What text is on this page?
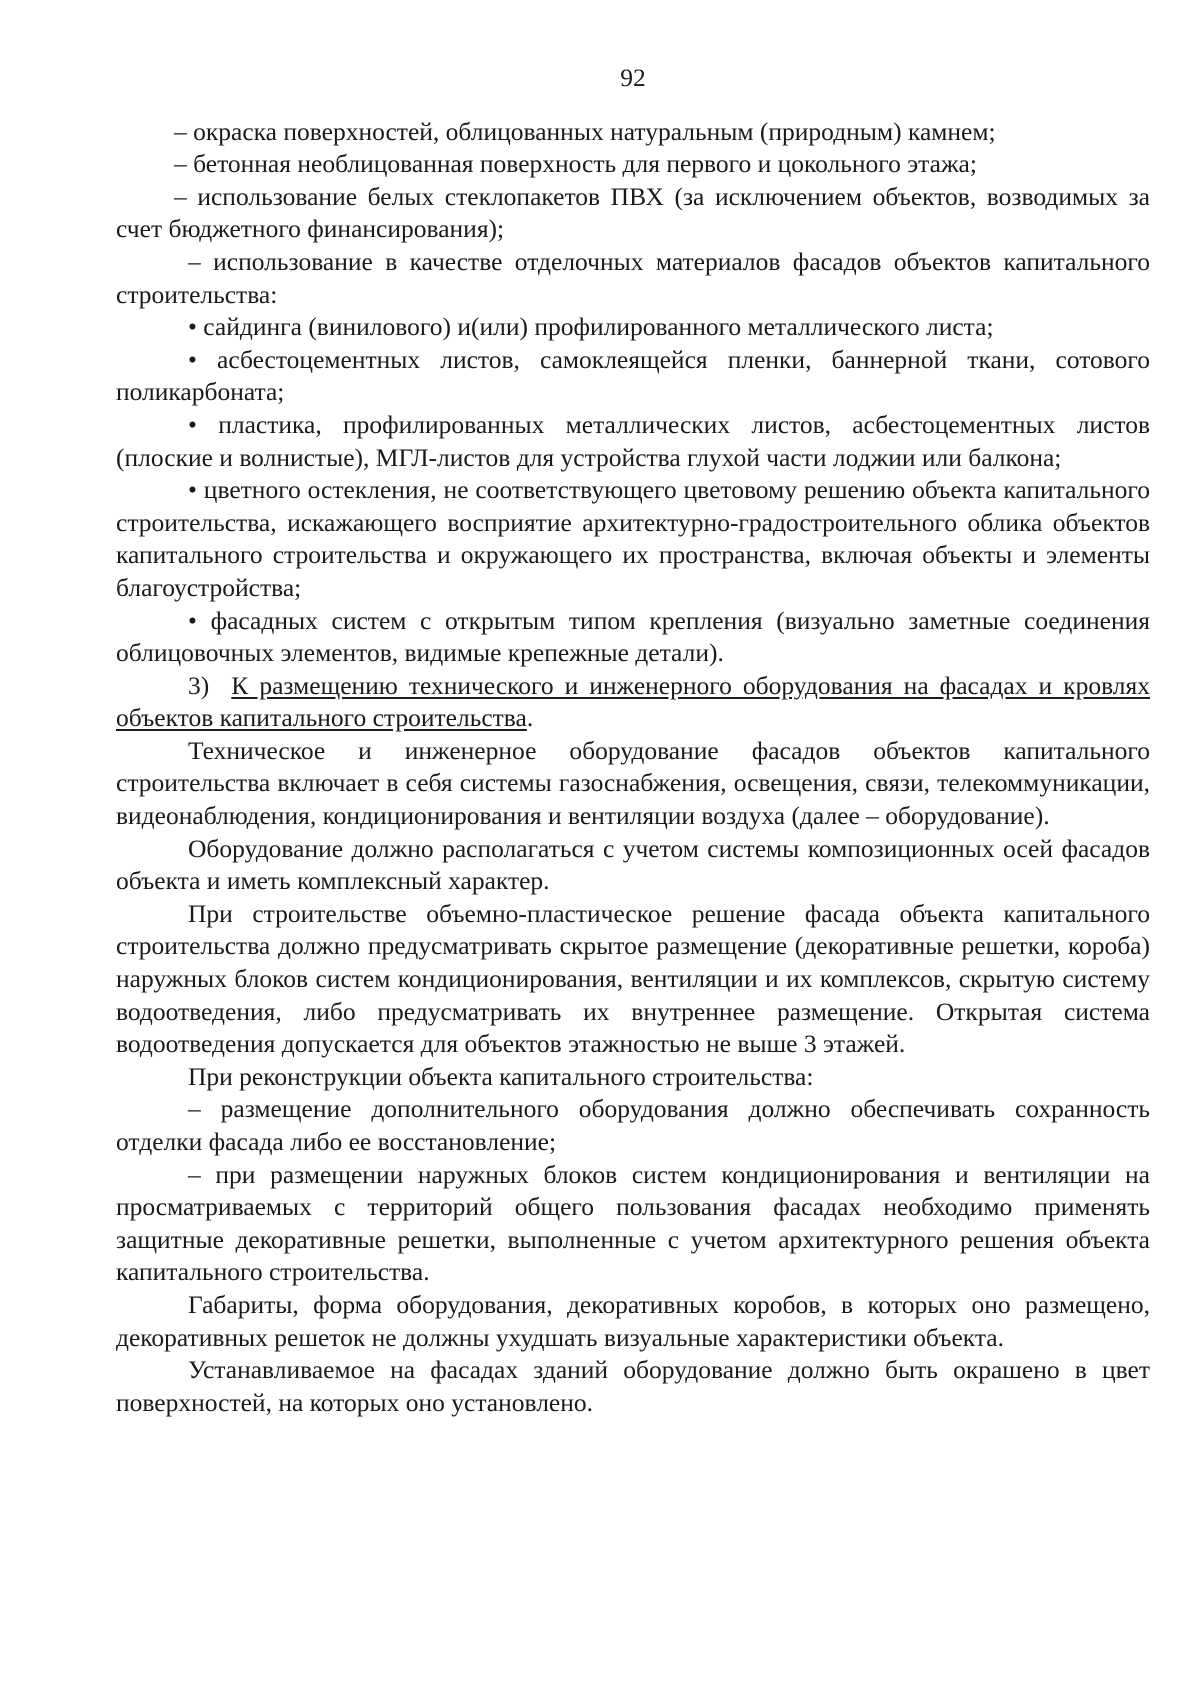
92

– окраска поверхностей, облицованных натуральным (природным) камнем;

– бетонная необлицованная поверхность для первого и цокольного этажа;

– использование белых стеклопакетов ПВХ (за исключением объектов, возводимых за счет бюджетного финансирования);

– использование в качестве отделочных материалов фасадов объектов капитального строительства:

• сайдинга (винилового) и(или) профилированного металлического листа;

• асбестоцементных листов, самоклеящейся пленки, баннерной ткани, сотового поликарбоната;

• пластика, профилированных металлических листов, асбестоцементных листов (плоские и волнистые), МГЛ-листов для устройства глухой части лоджии или балкона;

• цветного остекления, не соответствующего цветовому решению объекта капитального строительства, искажающего восприятие архитектурно-градостроительного облика объектов капитального строительства и окружающего их пространства, включая объекты и элементы благоустройства;

• фасадных систем с открытым типом крепления (визуально заметные соединения облицовочных элементов, видимые крепежные детали).

3) К размещению технического и инженерного оборудования на фасадах и кровлях объектов капитального строительства.

Техническое и инженерное оборудование фасадов объектов капитального строительства включает в себя системы газоснабжения, освещения, связи, телекоммуникации, видеонаблюдения, кондиционирования и вентиляции воздуха (далее – оборудование).

Оборудование должно располагаться с учетом системы композиционных осей фасадов объекта и иметь комплексный характер.

При строительстве объемно-пластическое решение фасада объекта капитального строительства должно предусматривать скрытое размещение (декоративные решетки, короба) наружных блоков систем кондиционирования, вентиляции и их комплексов, скрытую систему водоотведения, либо предусматривать их внутреннее размещение. Открытая система водоотведения допускается для объектов этажностью не выше 3 этажей.

При реконструкции объекта капитального строительства:

– размещение дополнительного оборудования должно обеспечивать сохранность отделки фасада либо ее восстановление;

– при размещении наружных блоков систем кондиционирования и вентиляции на просматриваемых с территорий общего пользования фасадах необходимо применять защитные декоративные решетки, выполненные с учетом архитектурного решения объекта капитального строительства.

Габариты, форма оборудования, декоративных коробов, в которых оно размещено, декоративных решеток не должны ухудшать визуальные характеристики объекта.

Устанавливаемое на фасадах зданий оборудование должно быть окрашено в цвет поверхностей, на которых оно установлено.
